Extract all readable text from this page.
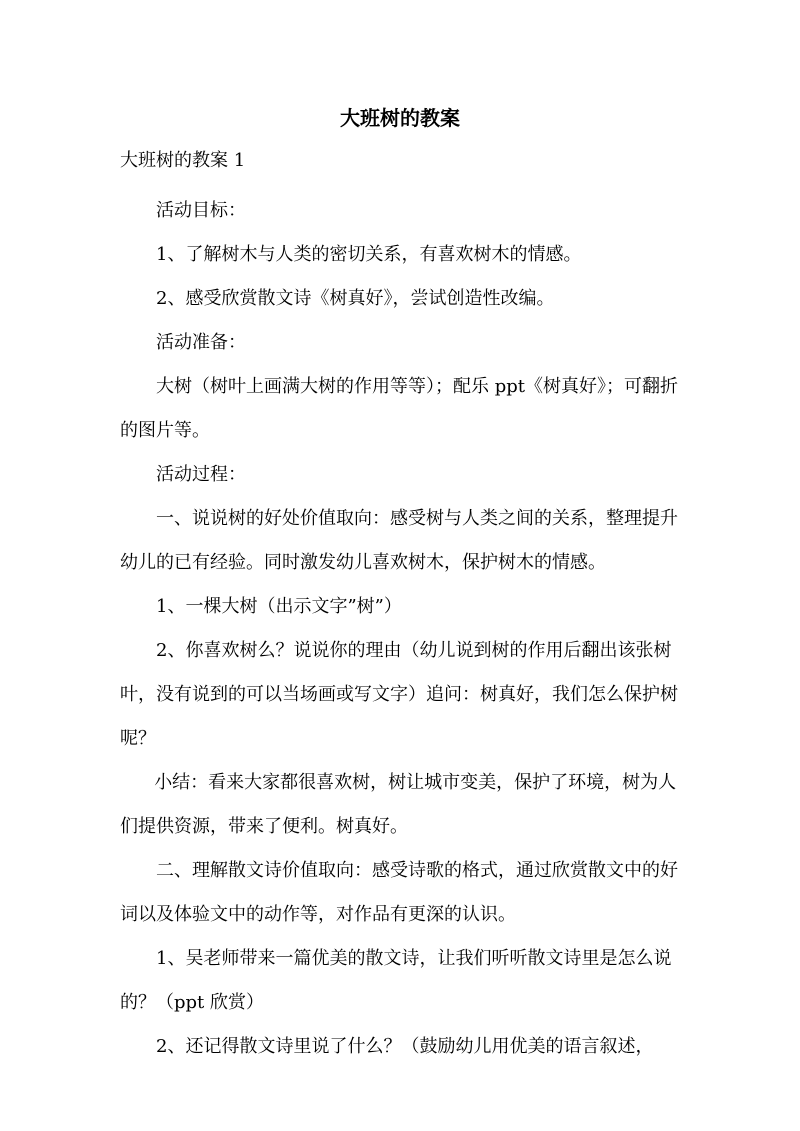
大班树的教案
大班树的教案 1

活动目标：

1、了解树木与人类的密切关系，有喜欢树木的情感。

2、感受欣赏散文诗《树真好》，尝试创造性改编。

活动准备：

大树（树叶上画满大树的作用等等）；配乐 ppt《树真好》；可翻折的图片等。

活动过程：

一、说说树的好处价值取向：感受树与人类之间的关系，整理提升幼儿的已有经验。同时激发幼儿喜欢树木，保护树木的情感。

1、一棵大树（出示文字”树”）

2、你喜欢树么？说说你的理由（幼儿说到树的作用后翻出该张树叶，没有说到的可以当场画或写文字）追问：树真好，我们怎么保护树呢？

小结：看来大家都很喜欢树，树让城市变美，保护了环境，树为人们提供资源，带来了便利。树真好。

二、理解散文诗价值取向：感受诗歌的格式，通过欣赏散文中的好词以及体验文中的动作等，对作品有更深的认识。

1、吴老师带来一篇优美的散文诗，让我们听听散文诗里是怎么说的？（ppt 欣赏）

2、还记得散文诗里说了什么？（鼓励幼儿用优美的语言叙述，
